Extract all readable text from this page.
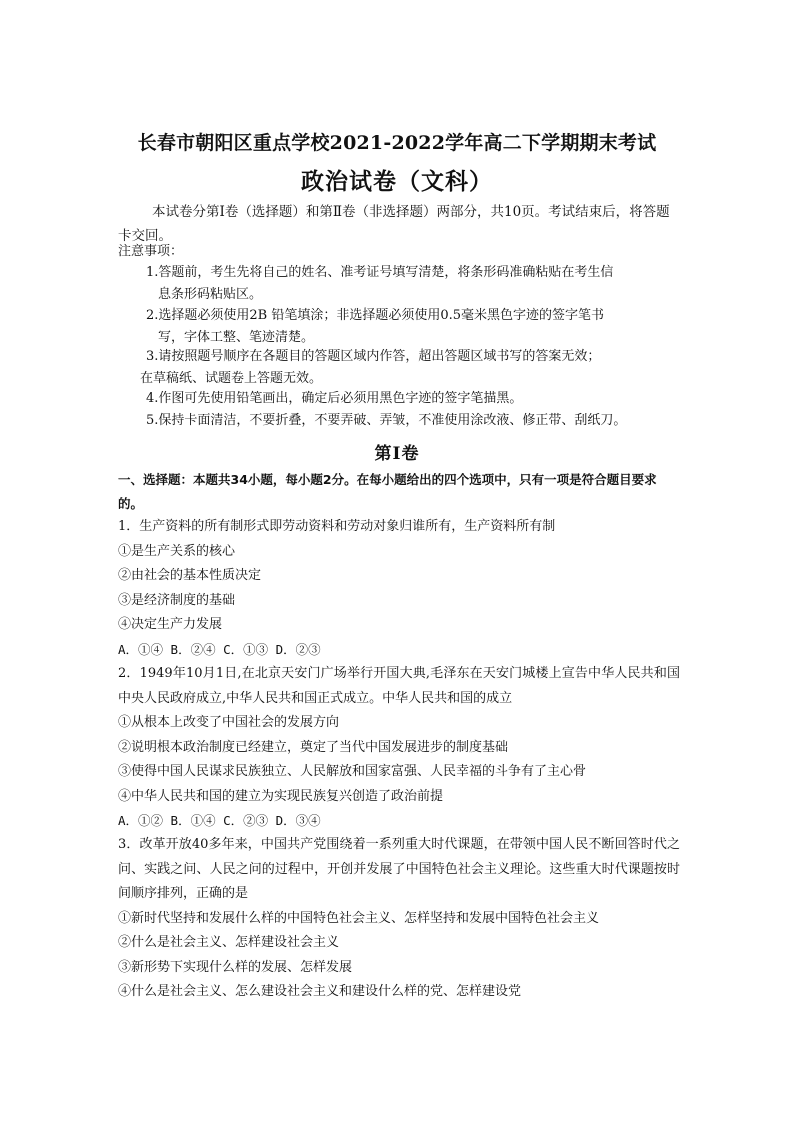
长春市朝阳区重点学校2021-2022学年高二下学期期末考试
政治试卷（文科）
本试卷分第Ⅰ卷（选择题）和第Ⅱ卷（非选择题）两部分，共10页。考试结束后，将答题卡交回。
注意事项：
1.答题前，考生先将自己的姓名、准考证号填写清楚，将条形码准确粘贴在考生信
息条形码粘贴区。
2.选择题必须使用2B 铅笔填涂；非选择题必须使用0.5毫米黑色字迹的签字笔书
写，字体工整、笔迹清楚。
3.请按照题号顺序在各题目的答题区域内作答，超出答题区域书写的答案无效；
在草稿纸、试题卷上答题无效。
4.作图可先使用铅笔画出，确定后必须用黑色字迹的签字笔描黑。
5.保持卡面清洁，不要折叠，不要弄破、弄皱，不准使用涂改液、修正带、刮纸刀。
第Ⅰ卷
一、选择题：本题共34小题，每小题2分。在每小题给出的四个选项中，只有一项是符合题目要求的。
1．生产资料的所有制形式即劳动资料和劳动对象归谁所有，生产资料所有制
①是生产关系的核心
②由社会的基本性质决定
③是经济制度的基础
④决定生产力发展
A．①④ B．②④ C．①③ D．②③
2．1949年10月1日,在北京天安门广场举行开国大典,毛泽东在天安门城楼上宣告中华人民共和国中央人民政府成立,中华人民共和国正式成立。中华人民共和国的成立
①从根本上改变了中国社会的发展方向
②说明根本政治制度已经建立，奠定了当代中国发展进步的制度基础
③使得中国人民谋求民族独立、人民解放和国家富强、人民幸福的斗争有了主心骨
④中华人民共和国的建立为实现民族复兴创造了政治前提
A．①② B．①④ C．②③ D．③④
3．改革开放40多年来，中国共产党围绕着一系列重大时代课题，在带领中国人民不断回答时代之问、实践之问、人民之问的过程中，开创并发展了中国特色社会主义理论。这些重大时代课题按时间顺序排列，正确的是
①新时代坚持和发展什么样的中国特色社会主义、怎样坚持和发展中国特色社会主义
②什么是社会主义、怎样建设社会主义
③新形势下实现什么样的发展、怎样发展
④什么是社会主义、怎么建设社会主义和建设什么样的党、怎样建设党
